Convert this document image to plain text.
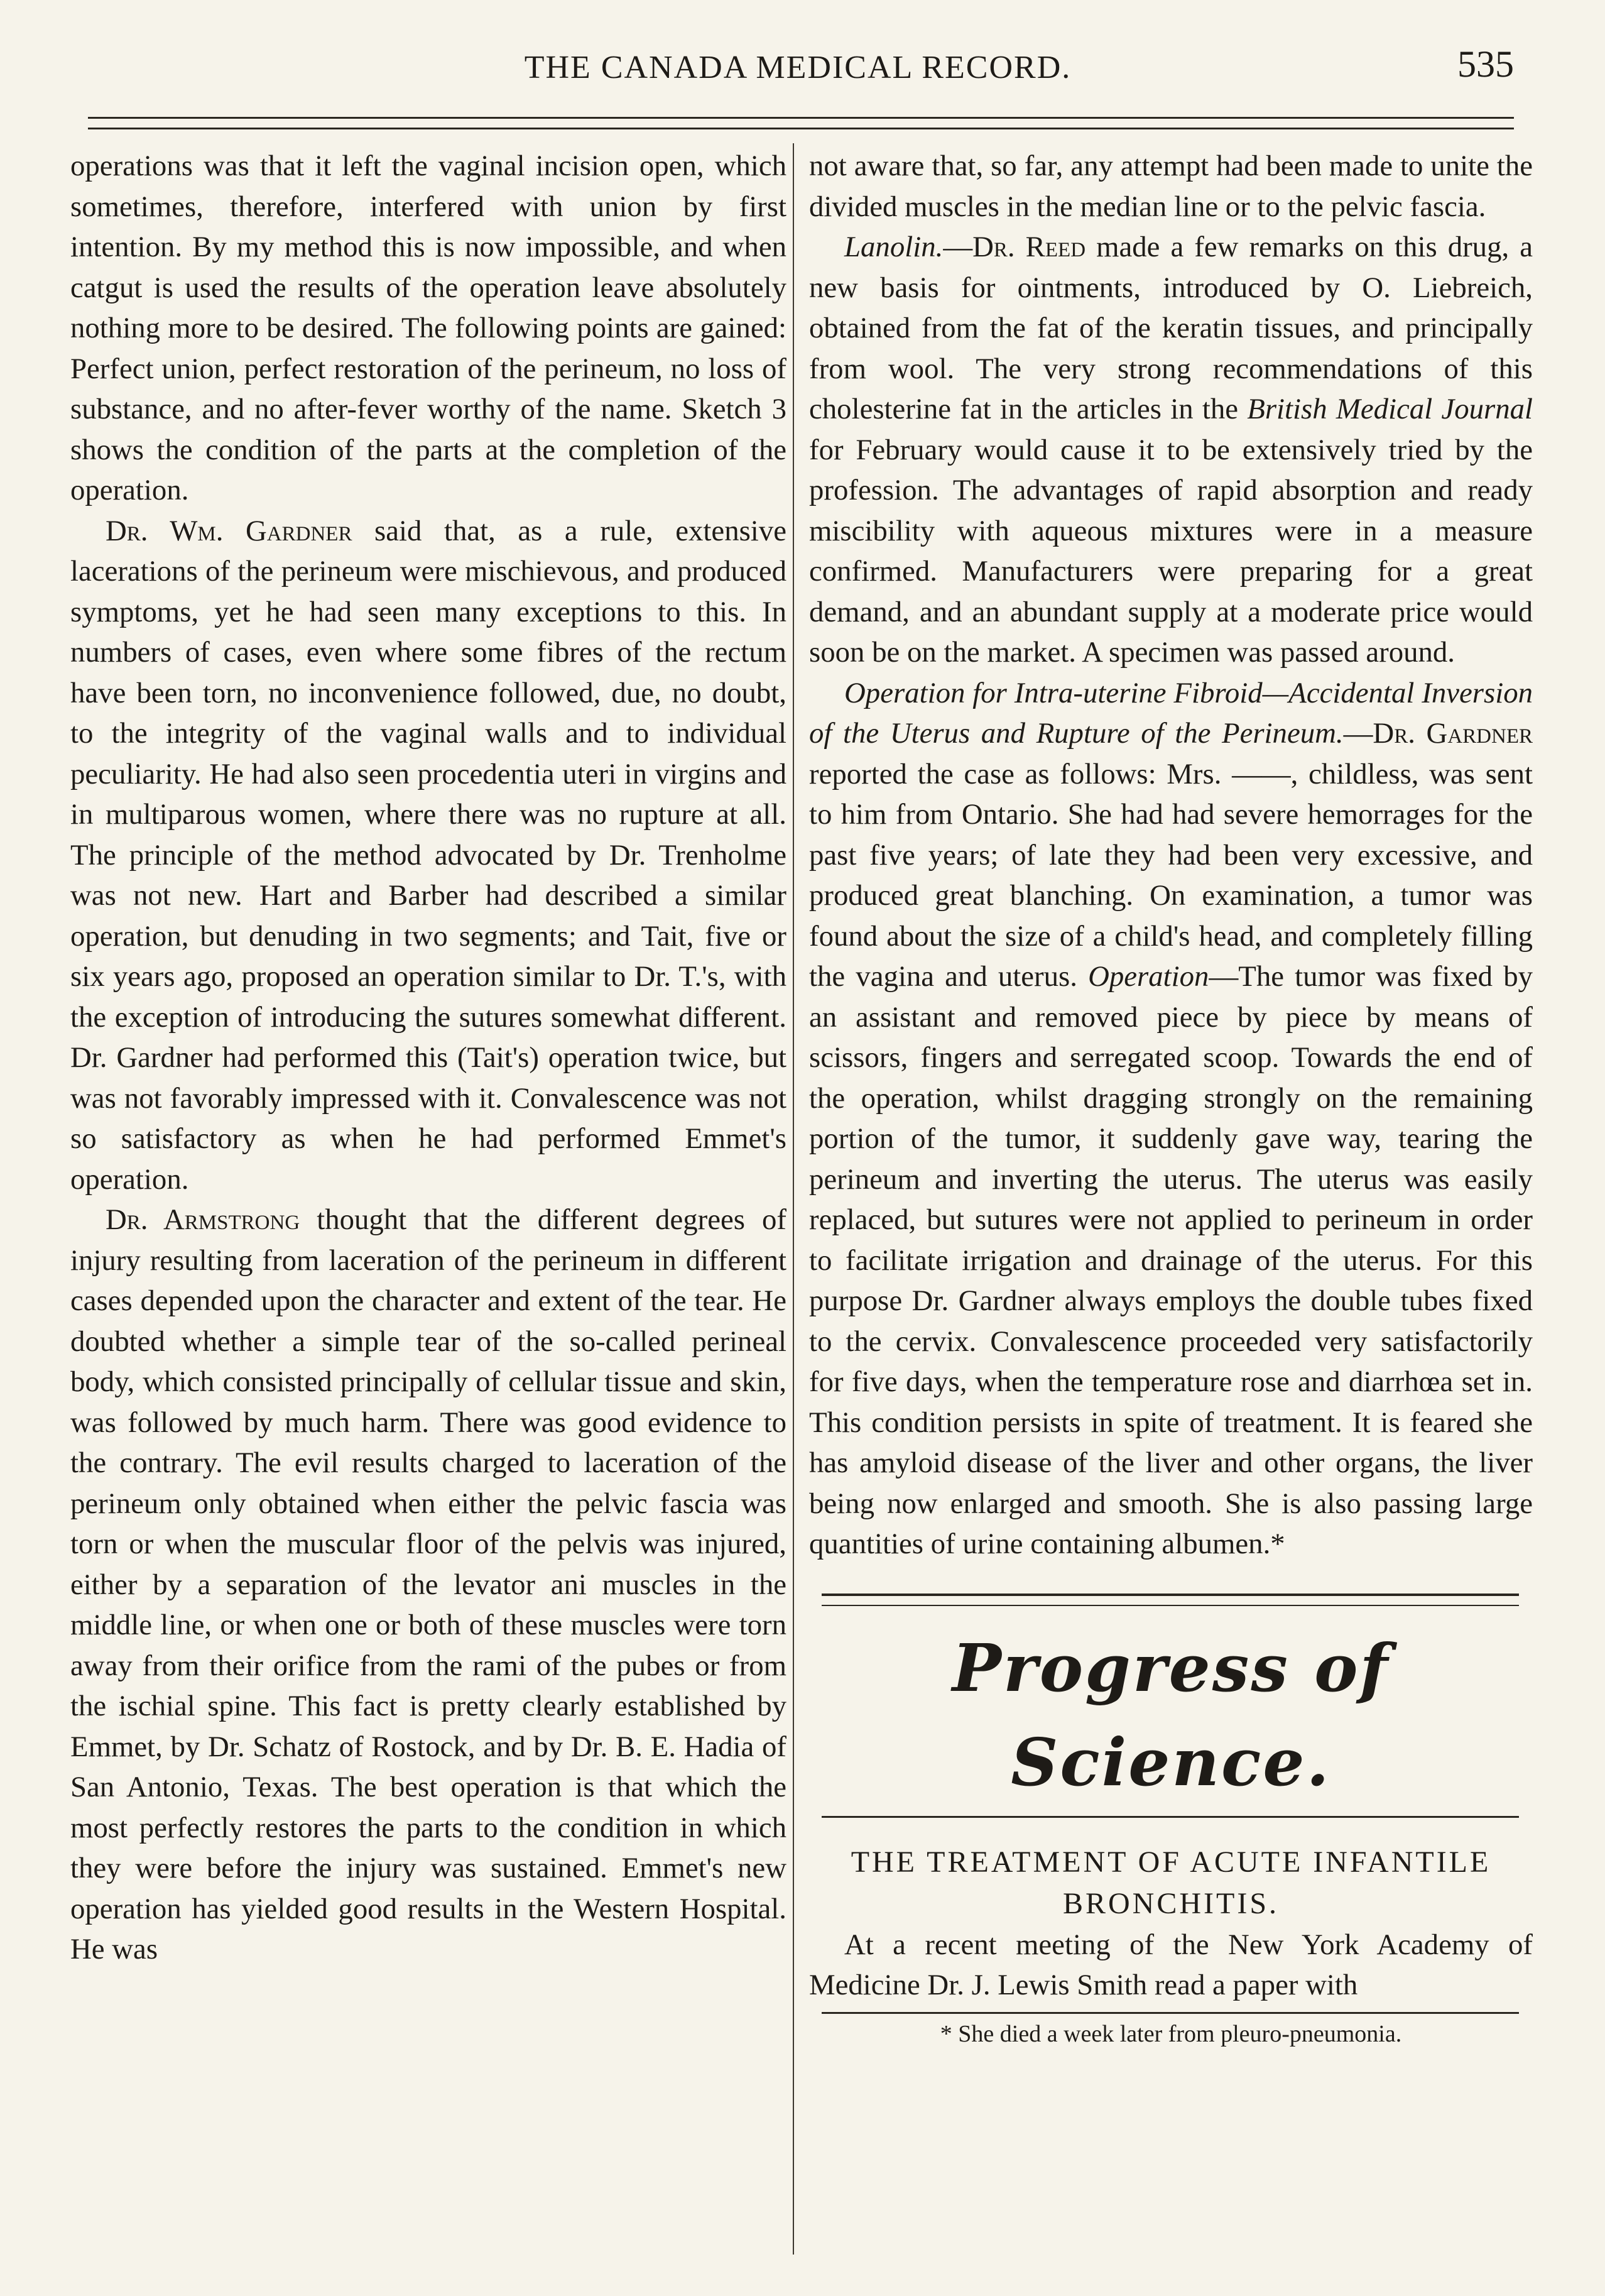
THE CANADA MEDICAL RECORD.	535

operations was that it left the vaginal incision open, which sometimes, therefore, interfered with union by first intention. By my method this is now impossible, and when catgut is used the results of the operation leave absolutely nothing more to be desired. The following points are gained: Perfect union, perfect restoration of the perineum, no loss of substance, and no after-fever worthy of the name. Sketch 3 shows the condition of the parts at the completion of the operation.

Dr. Wm. Gardner said that, as a rule, extensive lacerations of the perineum were mischievous, and produced symptoms, yet he had seen many exceptions to this. In numbers of cases, even where some fibres of the rectum have been torn, no inconvenience followed, due, no doubt, to the integrity of the vaginal walls and to individual peculiarity. He had also seen procedentia uteri in virgins and in multiparous women, where there was no rupture at all. The principle of the method advocated by Dr. Trenholme was not new. Hart and Barber had described a similar operation, but denuding in two segments; and Tait, five or six years ago, proposed an operation similar to Dr. T.'s, with the exception of introducing the sutures somewhat different. Dr. Gardner had performed this (Tait's) operation twice, but was not favorably impressed with it. Convalescence was not so satisfactory as when he had performed Emmet's operation.

Dr. Armstrong thought that the different degrees of injury resulting from laceration of the perineum in different cases depended upon the character and extent of the tear. He doubted whether a simple tear of the so-called perineal body, which consisted principally of cellular tissue and skin, was followed by much harm. There was good evidence to the contrary. The evil results charged to laceration of the perineum only obtained when either the pelvic fascia was torn or when the muscular floor of the pelvis was injured, either by a separation of the levator ani muscles in the middle line, or when one or both of these muscles were torn away from their orifice from the rami of the pubes or from the ischial spine. This fact is pretty clearly established by Emmet, by Dr. Schatz of Rostock, and by Dr. B. E. Hadia of San Antonio, Texas. The best operation is that which the most perfectly restores the parts to the condition in which they were before the injury was sustained. Emmet's new operation has yielded good results in the Western Hospital. He was

not aware that, so far, any attempt had been made to unite the divided muscles in the median line or to the pelvic fascia.

Lanolin.—Dr. Reed made a few remarks on this drug, a new basis for ointments, introduced by O. Liebreich, obtained from the fat of the keratin tissues, and principally from wool. The very strong recommendations of this cholesterine fat in the articles in the British Medical Journal for February would cause it to be extensively tried by the profession. The advantages of rapid absorption and ready miscibility with aqueous mixtures were in a measure confirmed. Manufacturers were preparing for a great demand, and an abundant supply at a moderate price would soon be on the market. A specimen was passed around.

Operation for Intra-uterine Fibroid—Accidental Inversion of the Uterus and Rupture of the Perineum.—Dr. Gardner reported the case as follows: Mrs. ——, childless, was sent to him from Ontario. She had had severe hemorrages for the past five years; of late they had been very excessive, and produced great blanching. On examination, a tumor was found about the size of a child's head, and completely filling the vagina and uterus. Operation—The tumor was fixed by an assistant and removed piece by piece by means of scissors, fingers and serregated scoop. Towards the end of the operation, whilst dragging strongly on the remaining portion of the tumor, it suddenly gave way, tearing the perineum and inverting the uterus. The uterus was easily replaced, but sutures were not applied to perineum in order to facilitate irrigation and drainage of the uterus. For this purpose Dr. Gardner always employs the double tubes fixed to the cervix. Convalescence proceeded very satisfactorily for five days, when the temperature rose and diarrhœa set in. This condition persists in spite of treatment. It is feared she has amyloid disease of the liver and other organs, the liver being now enlarged and smooth. She is also passing large quantities of urine containing albumen.*

Progress of Science.
THE TREATMENT OF ACUTE INFANTILE BRONCHITIS.

At a recent meeting of the New York Academy of Medicine Dr. J. Lewis Smith read a paper with

* She died a week later from pleuro-pneumonia.
